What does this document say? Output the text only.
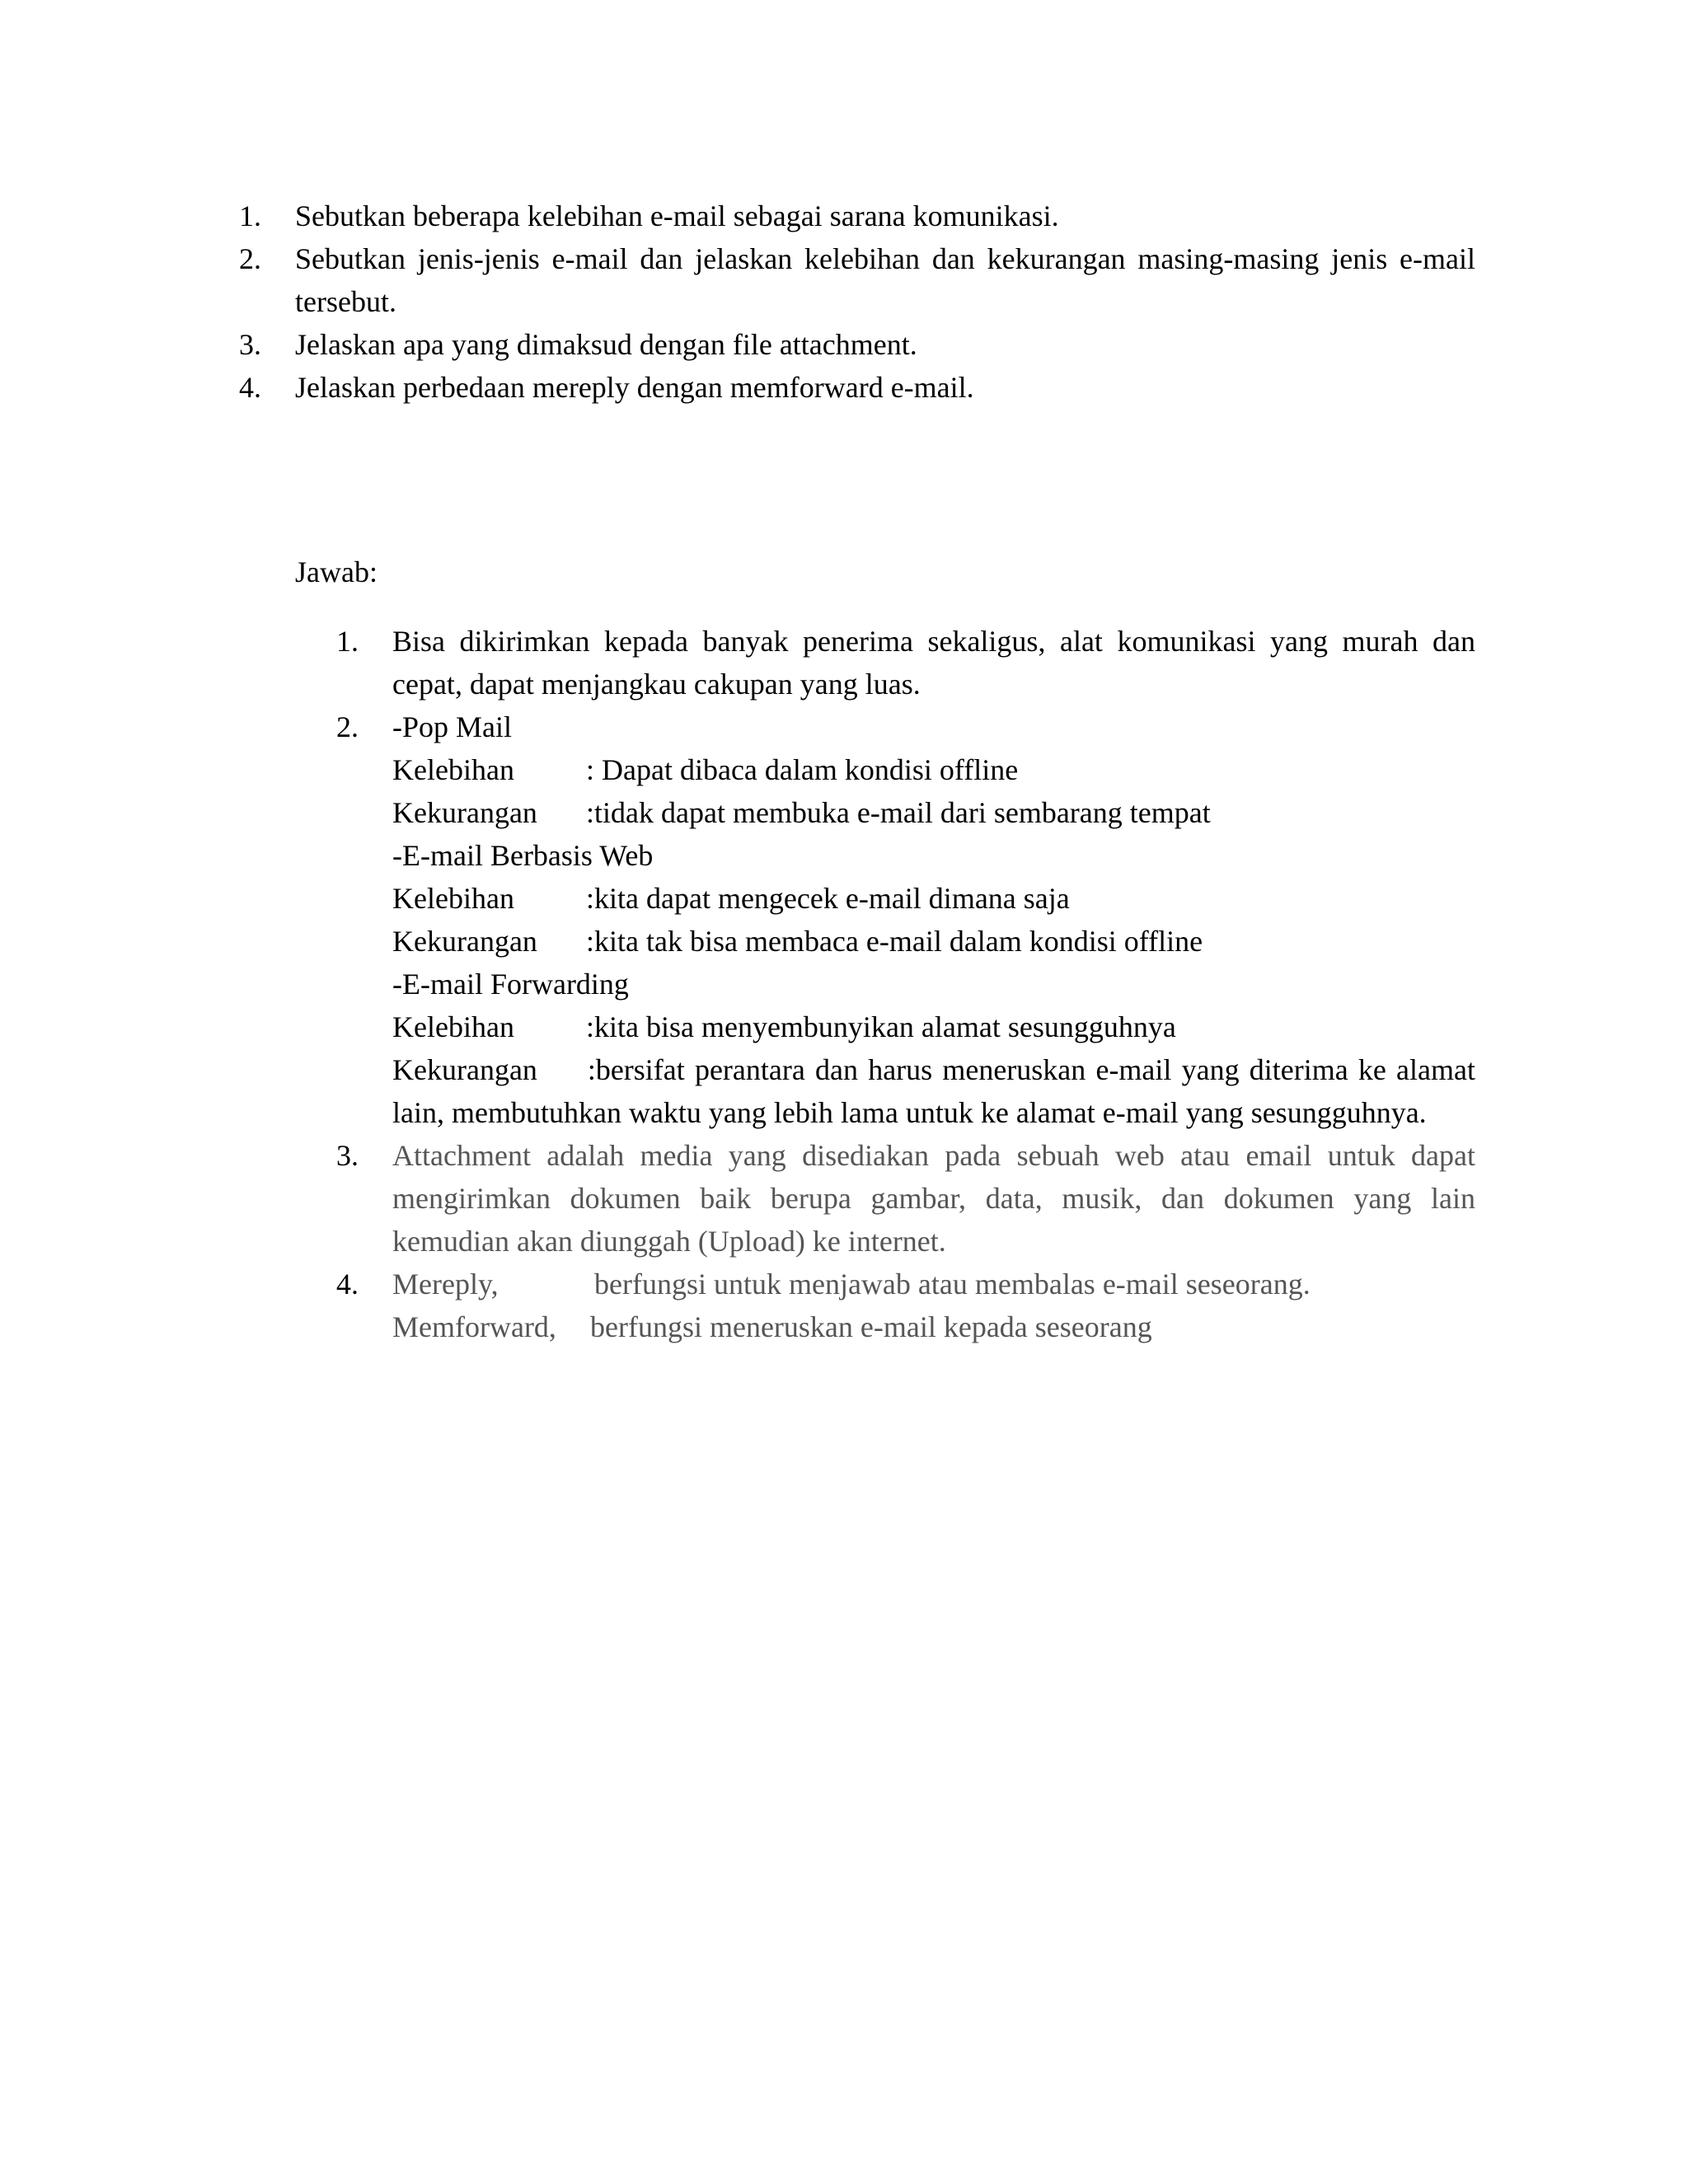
1.	Sebutkan beberapa kelebihan e-mail sebagai sarana komunikasi.
2.	Sebutkan jenis-jenis e-mail dan jelaskan kelebihan dan kekurangan masing-masing jenis e-mail tersebut.
3.	Jelaskan apa yang dimaksud dengan file attachment.
4.	Jelaskan perbedaan mereply dengan memforward e-mail.
Jawab:
1.	Bisa dikirimkan kepada banyak penerima sekaligus, alat komunikasi yang murah dan cepat, dapat menjangkau cakupan yang luas.
2.	-Pop Mail
Kelebihan	: Dapat dibaca dalam kondisi offline
Kekurangan	:tidak dapat membuka e-mail dari sembarang tempat
-E-mail Berbasis Web
Kelebihan	:kita dapat mengecek e-mail dimana saja
Kekurangan	:kita tak bisa membaca e-mail dalam kondisi offline
-E-mail Forwarding
Kelebihan	:kita bisa menyembunyikan alamat sesungguhnya
Kekurangan     :bersifat perantara dan harus meneruskan e-mail yang diterima ke alamat lain, membutuhkan waktu yang lebih lama untuk ke alamat e-mail yang sesungguhnya.
3.	Attachment adalah media yang disediakan pada sebuah web atau email untuk dapat mengirimkan dokumen baik berupa gambar, data, musik, dan dokumen yang lain kemudian akan diunggah (Upload) ke internet.
4.	Mereply,	berfungsi untuk menjawab atau membalas e-mail seseorang.
Memforward, berfungsi meneruskan e-mail kepada seseorang
